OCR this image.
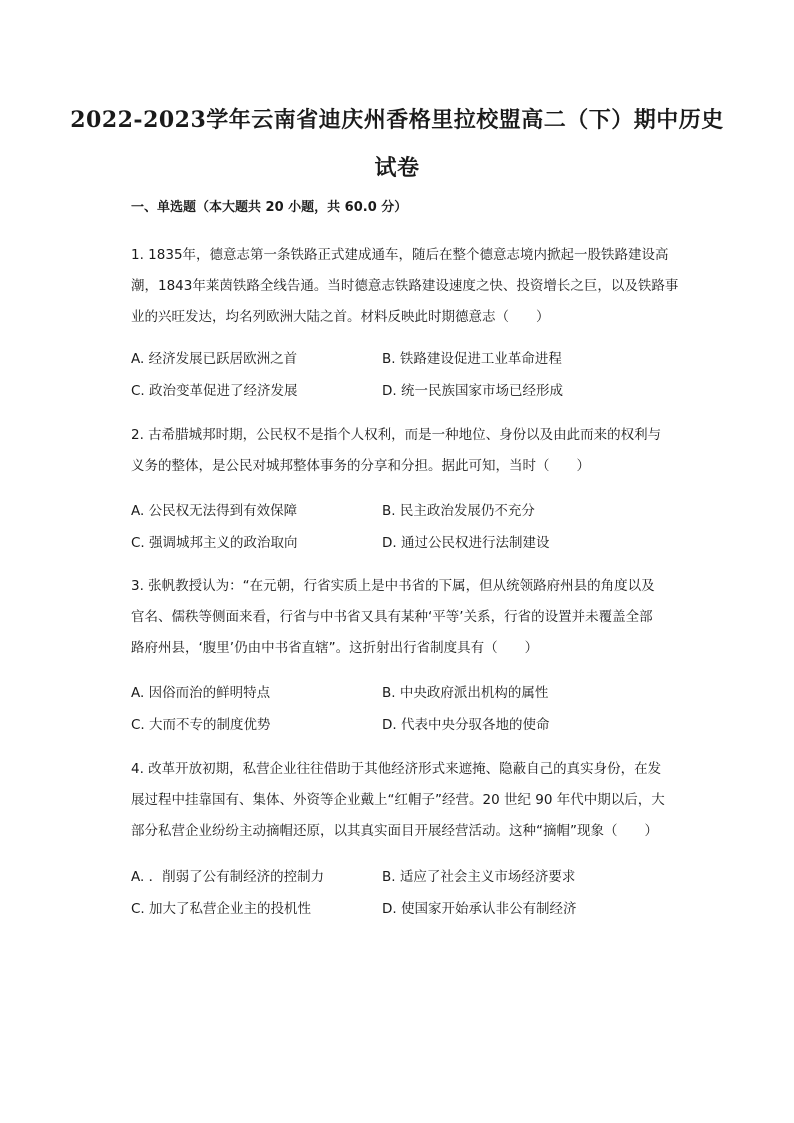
2022-2023学年云南省迪庆州香格里拉校盟高二（下）期中历史
试卷
一、单选题（本大题共 20 小题，共 60.0 分）
1. 1835年，德意志第一条铁路正式建成通车，随后在整个德意志境内掀起一股铁路建设高
潮，1843年莱茵铁路全线告通。当时德意志铁路建设速度之快、投资增长之巨，以及铁路事
业的兴旺发达，均名列欧洲大陆之首。材料反映此时期德意志（　　）
A. 经济发展已跃居欧洲之首	B. 铁路建设促进工业革命进程
C. 政治变革促进了经济发展	D. 统一民族国家市场已经形成
2. 古希腊城邦时期，公民权不是指个人权利，而是一种地位、身份以及由此而来的权利与
义务的整体，是公民对城邦整体事务的分享和分担。据此可知，当时（　　）
A. 公民权无法得到有效保障	B. 民主政治发展仍不充分
C. 强调城邦主义的政治取向	D. 通过公民权进行法制建设
3. 张帆教授认为：“在元朝，行省实质上是中书省的下属，但从统领路府州县的角度以及
官名、儒秩等侧面来看，行省与中书省又具有某种‘平等’关系，行省的设置并未覆盖全部
路府州县，‘腹里’仍由中书省直辖”。这折射出行省制度具有（　　）
A. 因俗而治的鲜明特点	B. 中央政府派出机构的属性
C. 大而不专的制度优势	D. 代表中央分驭各地的使命
4. 改革开放初期，私营企业往往借助于其他经济形式来遮掩、隐蔽自己的真实身份，在发
展过程中挂靠国有、集体、外资等企业戴上“红帽子”经营。20 世纪 90 年代中期以后，大
部分私营企业纷纷主动摘帽还原，以其真实面目开展经营活动。这种“摘帽”现象（　　）
A. ．削弱了公有制经济的控制力	B. 适应了社会主义市场经济要求
C. 加大了私营企业主的投机性	D. 使国家开始承认非公有制经济
